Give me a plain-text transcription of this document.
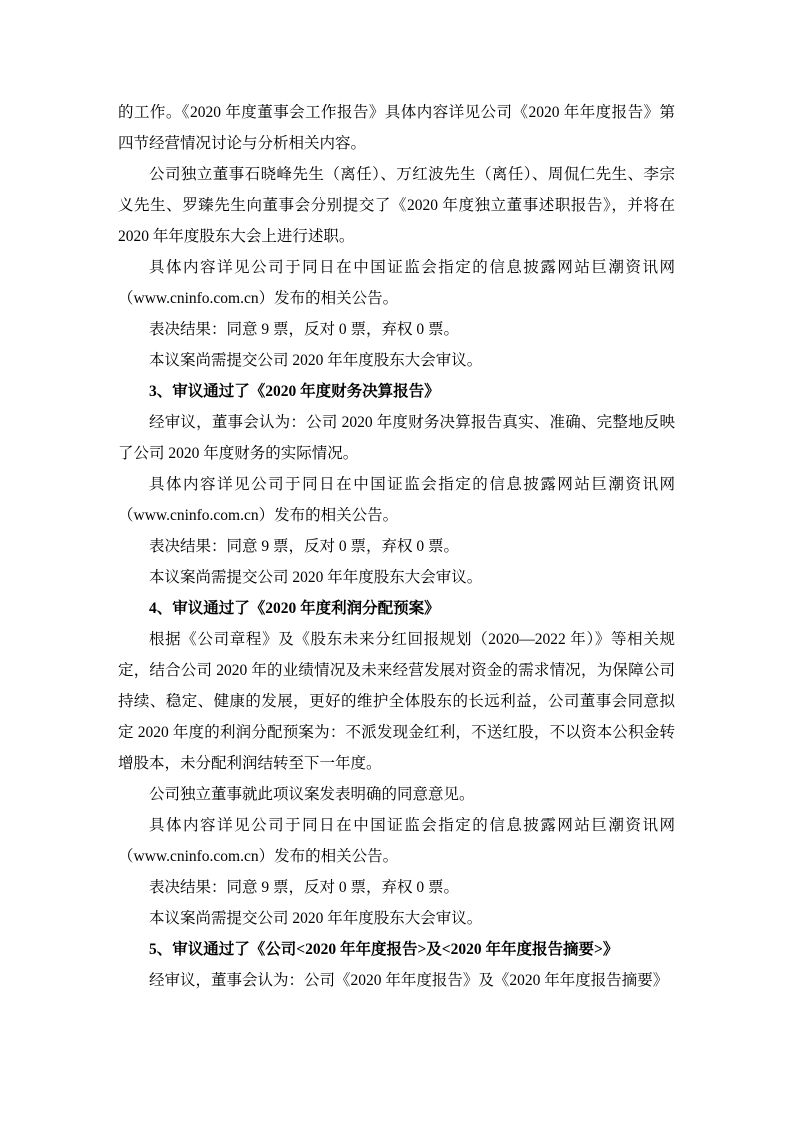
的工作。《2020 年度董事会工作报告》具体内容详见公司《2020 年年度报告》第四节经营情况讨论与分析相关内容。

公司独立董事石晓峰先生（离任）、万红波先生（离任）、周侃仁先生、李宗义先生、罗臻先生向董事会分别提交了《2020 年度独立董事述职报告》，并将在 2020 年年度股东大会上进行述职。

具体内容详见公司于同日在中国证监会指定的信息披露网站巨潮资讯网（www.cninfo.com.cn）发布的相关公告。

表决结果：同意 9 票，反对 0 票，弃权 0 票。

本议案尚需提交公司 2020 年年度股东大会审议。

3、审议通过了《2020 年度财务决算报告》

经审议，董事会认为：公司 2020 年度财务决算报告真实、准确、完整地反映了公司 2020 年度财务的实际情况。

具体内容详见公司于同日在中国证监会指定的信息披露网站巨潮资讯网（www.cninfo.com.cn）发布的相关公告。

表决结果：同意 9 票，反对 0 票，弃权 0 票。

本议案尚需提交公司 2020 年年度股东大会审议。

4、审议通过了《2020 年度利润分配预案》

根据《公司章程》及《股东未来分红回报规划（2020—2022 年）》等相关规定，结合公司 2020 年的业绩情况及未来经营发展对资金的需求情况，为保障公司持续、稳定、健康的发展，更好的维护全体股东的长远利益，公司董事会同意拟定 2020 年度的利润分配预案为：不派发现金红利，不送红股，不以资本公积金转增股本，未分配利润结转至下一年度。

公司独立董事就此项议案发表明确的同意意见。

具体内容详见公司于同日在中国证监会指定的信息披露网站巨潮资讯网（www.cninfo.com.cn）发布的相关公告。

表决结果：同意 9 票，反对 0 票，弃权 0 票。

本议案尚需提交公司 2020 年年度股东大会审议。

5、审议通过了《公司<2020 年年度报告>及<2020 年年度报告摘要>》

经审议，董事会认为：公司《2020 年年度报告》及《2020 年年度报告摘要》
